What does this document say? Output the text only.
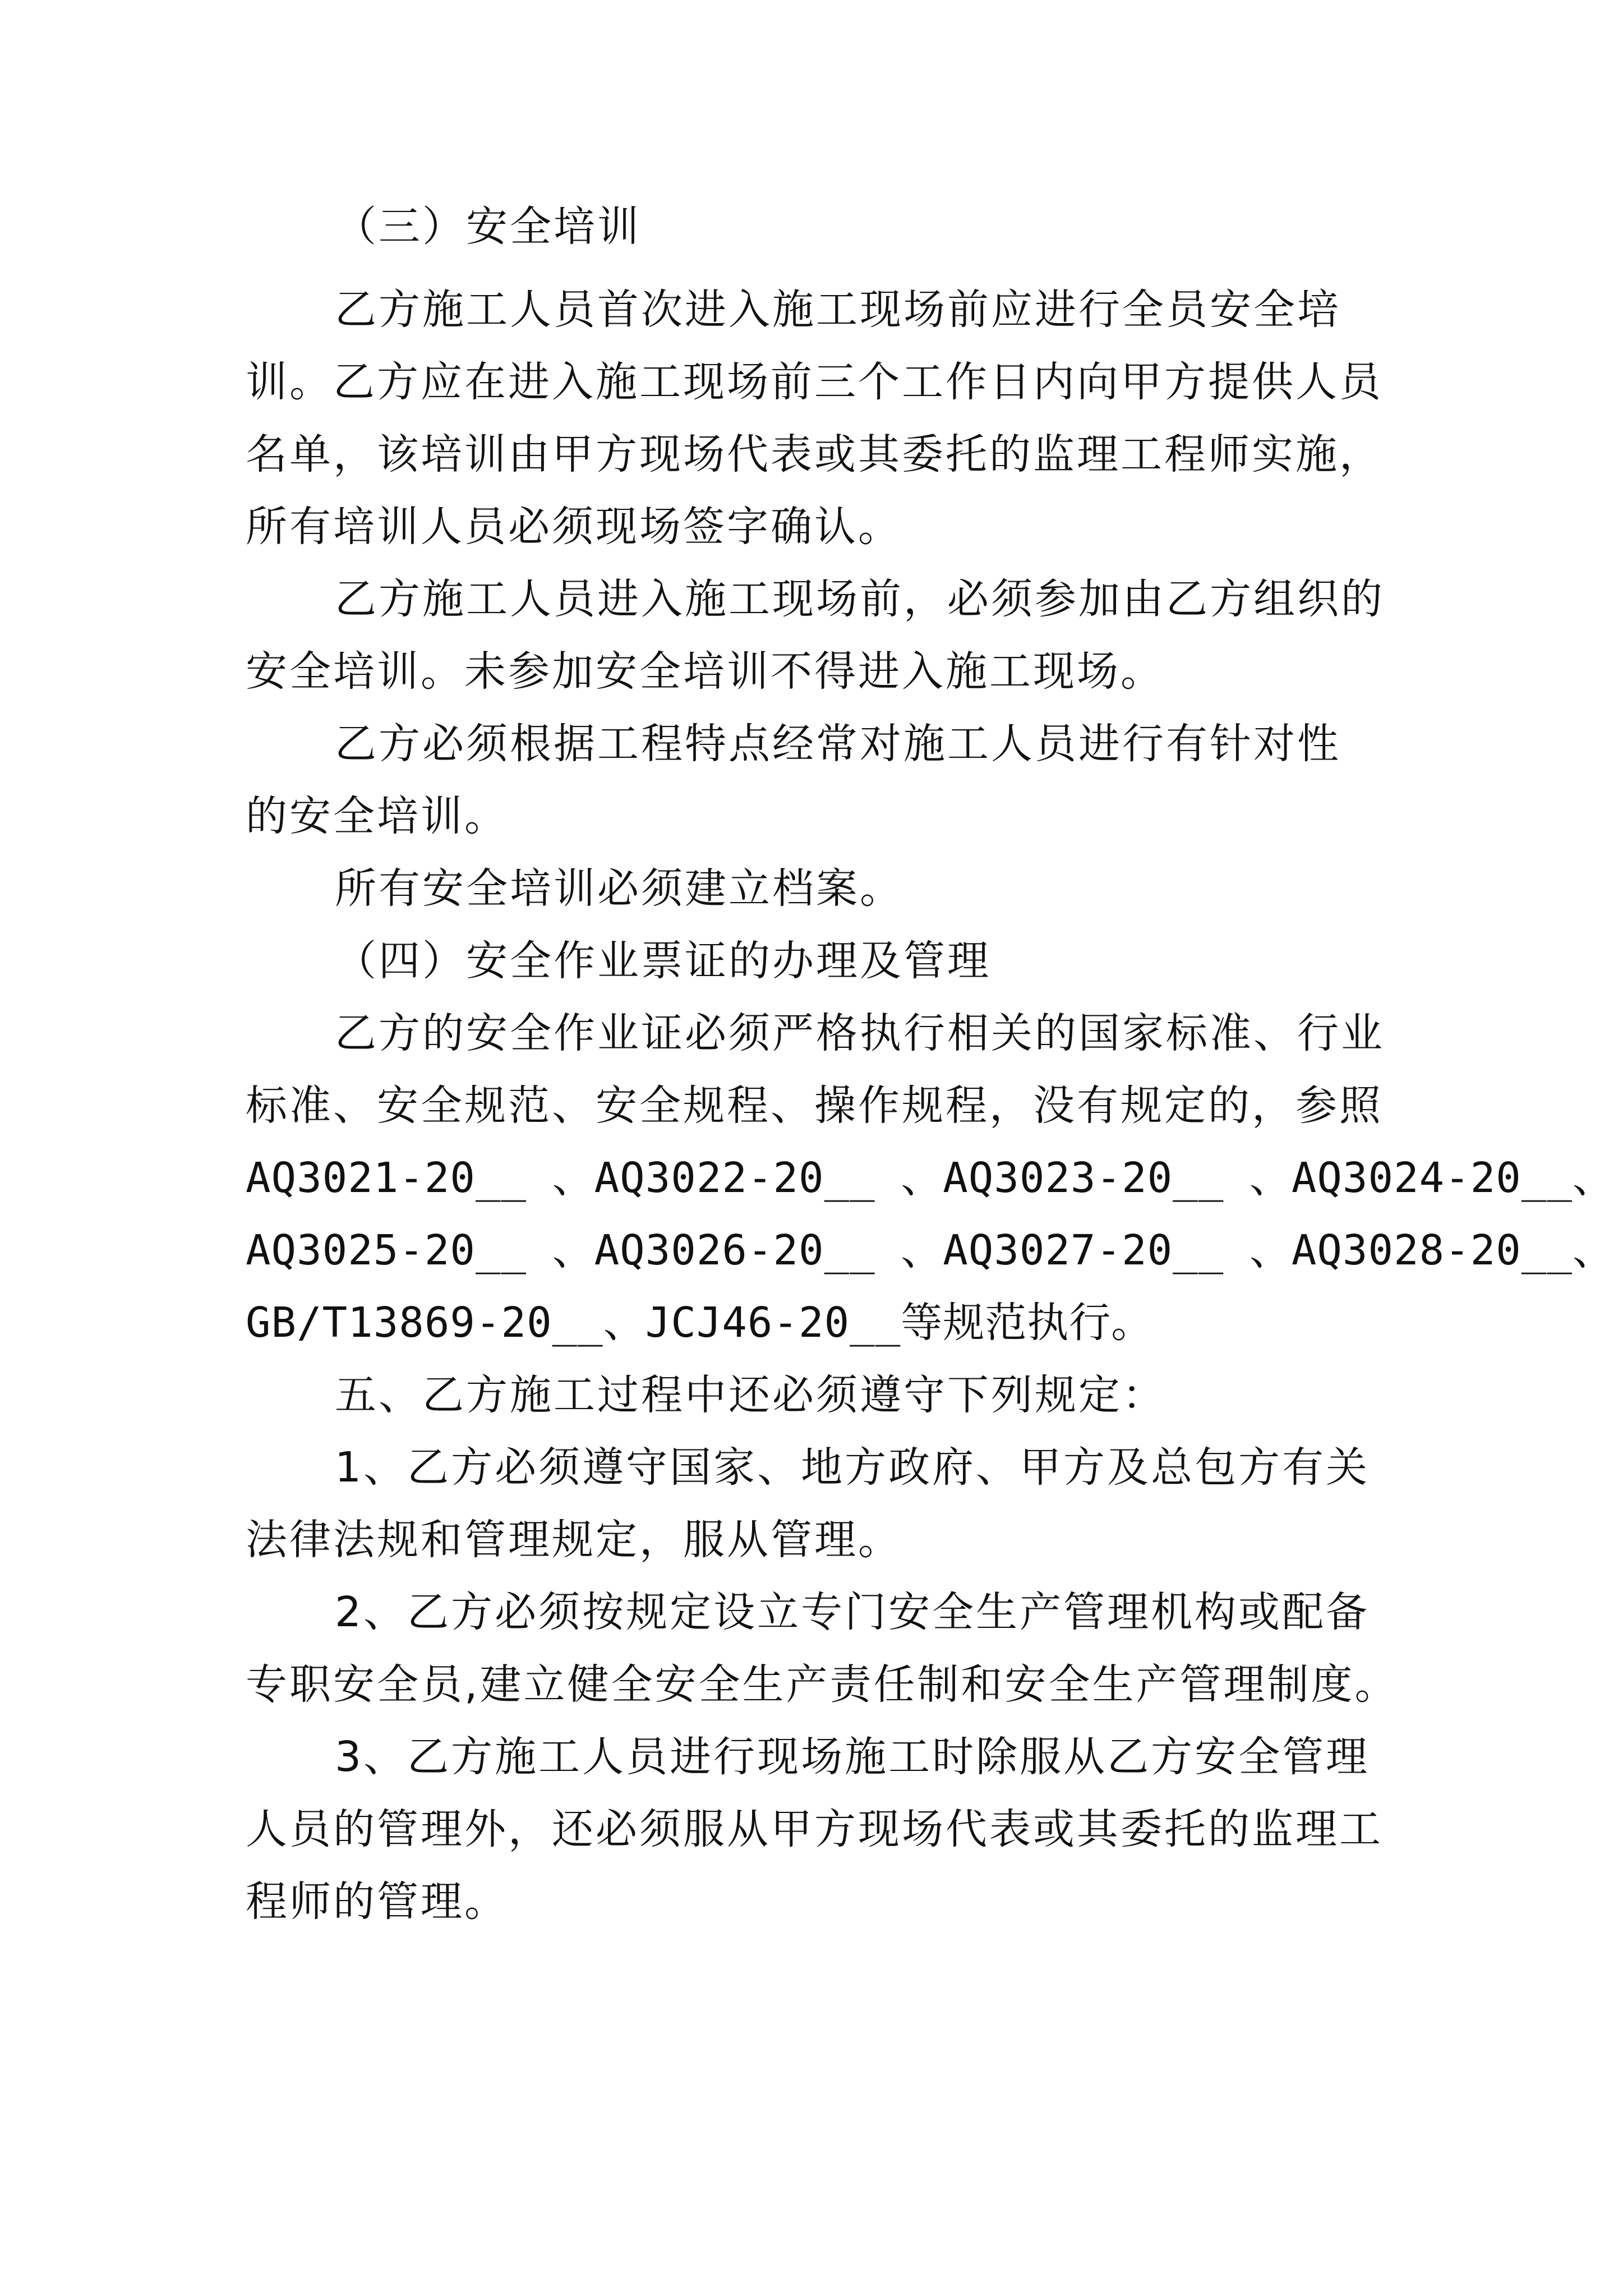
（三）安全培训
乙方施工人员首次进入施工现场前应进行全员安全培
训。乙方应在进入施工现场前三个工作日内向甲方提供人员
名单，该培训由甲方现场代表或其委托的监理工程师实施，
所有培训人员必须现场签字确认。
乙方施工人员进入施工现场前，必须参加由乙方组织的
安全培训。未参加安全培训不得进入施工现场。
乙方必须根据工程特点经常对施工人员进行有针对性
的安全培训。
所有安全培训必须建立档案。
（四）安全作业票证的办理及管理
乙方的安全作业证必须严格执行相关的国家标准、行业
标准、安全规范、安全规程、操作规程，没有规定的，参照
AQ3021-20__ 、AQ3022-20__ 、AQ3023-20__ 、AQ3024-20__、
AQ3025-20__ 、AQ3026-20__ 、AQ3027-20__ 、AQ3028-20__、
GB/T13869-20__、JCJ46-20__等规范执行。
五、乙方施工过程中还必须遵守下列规定：
1、乙方必须遵守国家、地方政府、甲方及总包方有关
法律法规和管理规定，服从管理。
2、乙方必须按规定设立专门安全生产管理机构或配备
专职安全员,建立健全安全生产责任制和安全生产管理制度。
3、乙方施工人员进行现场施工时除服从乙方安全管理
人员的管理外，还必须服从甲方现场代表或其委托的监理工
程师的管理。
